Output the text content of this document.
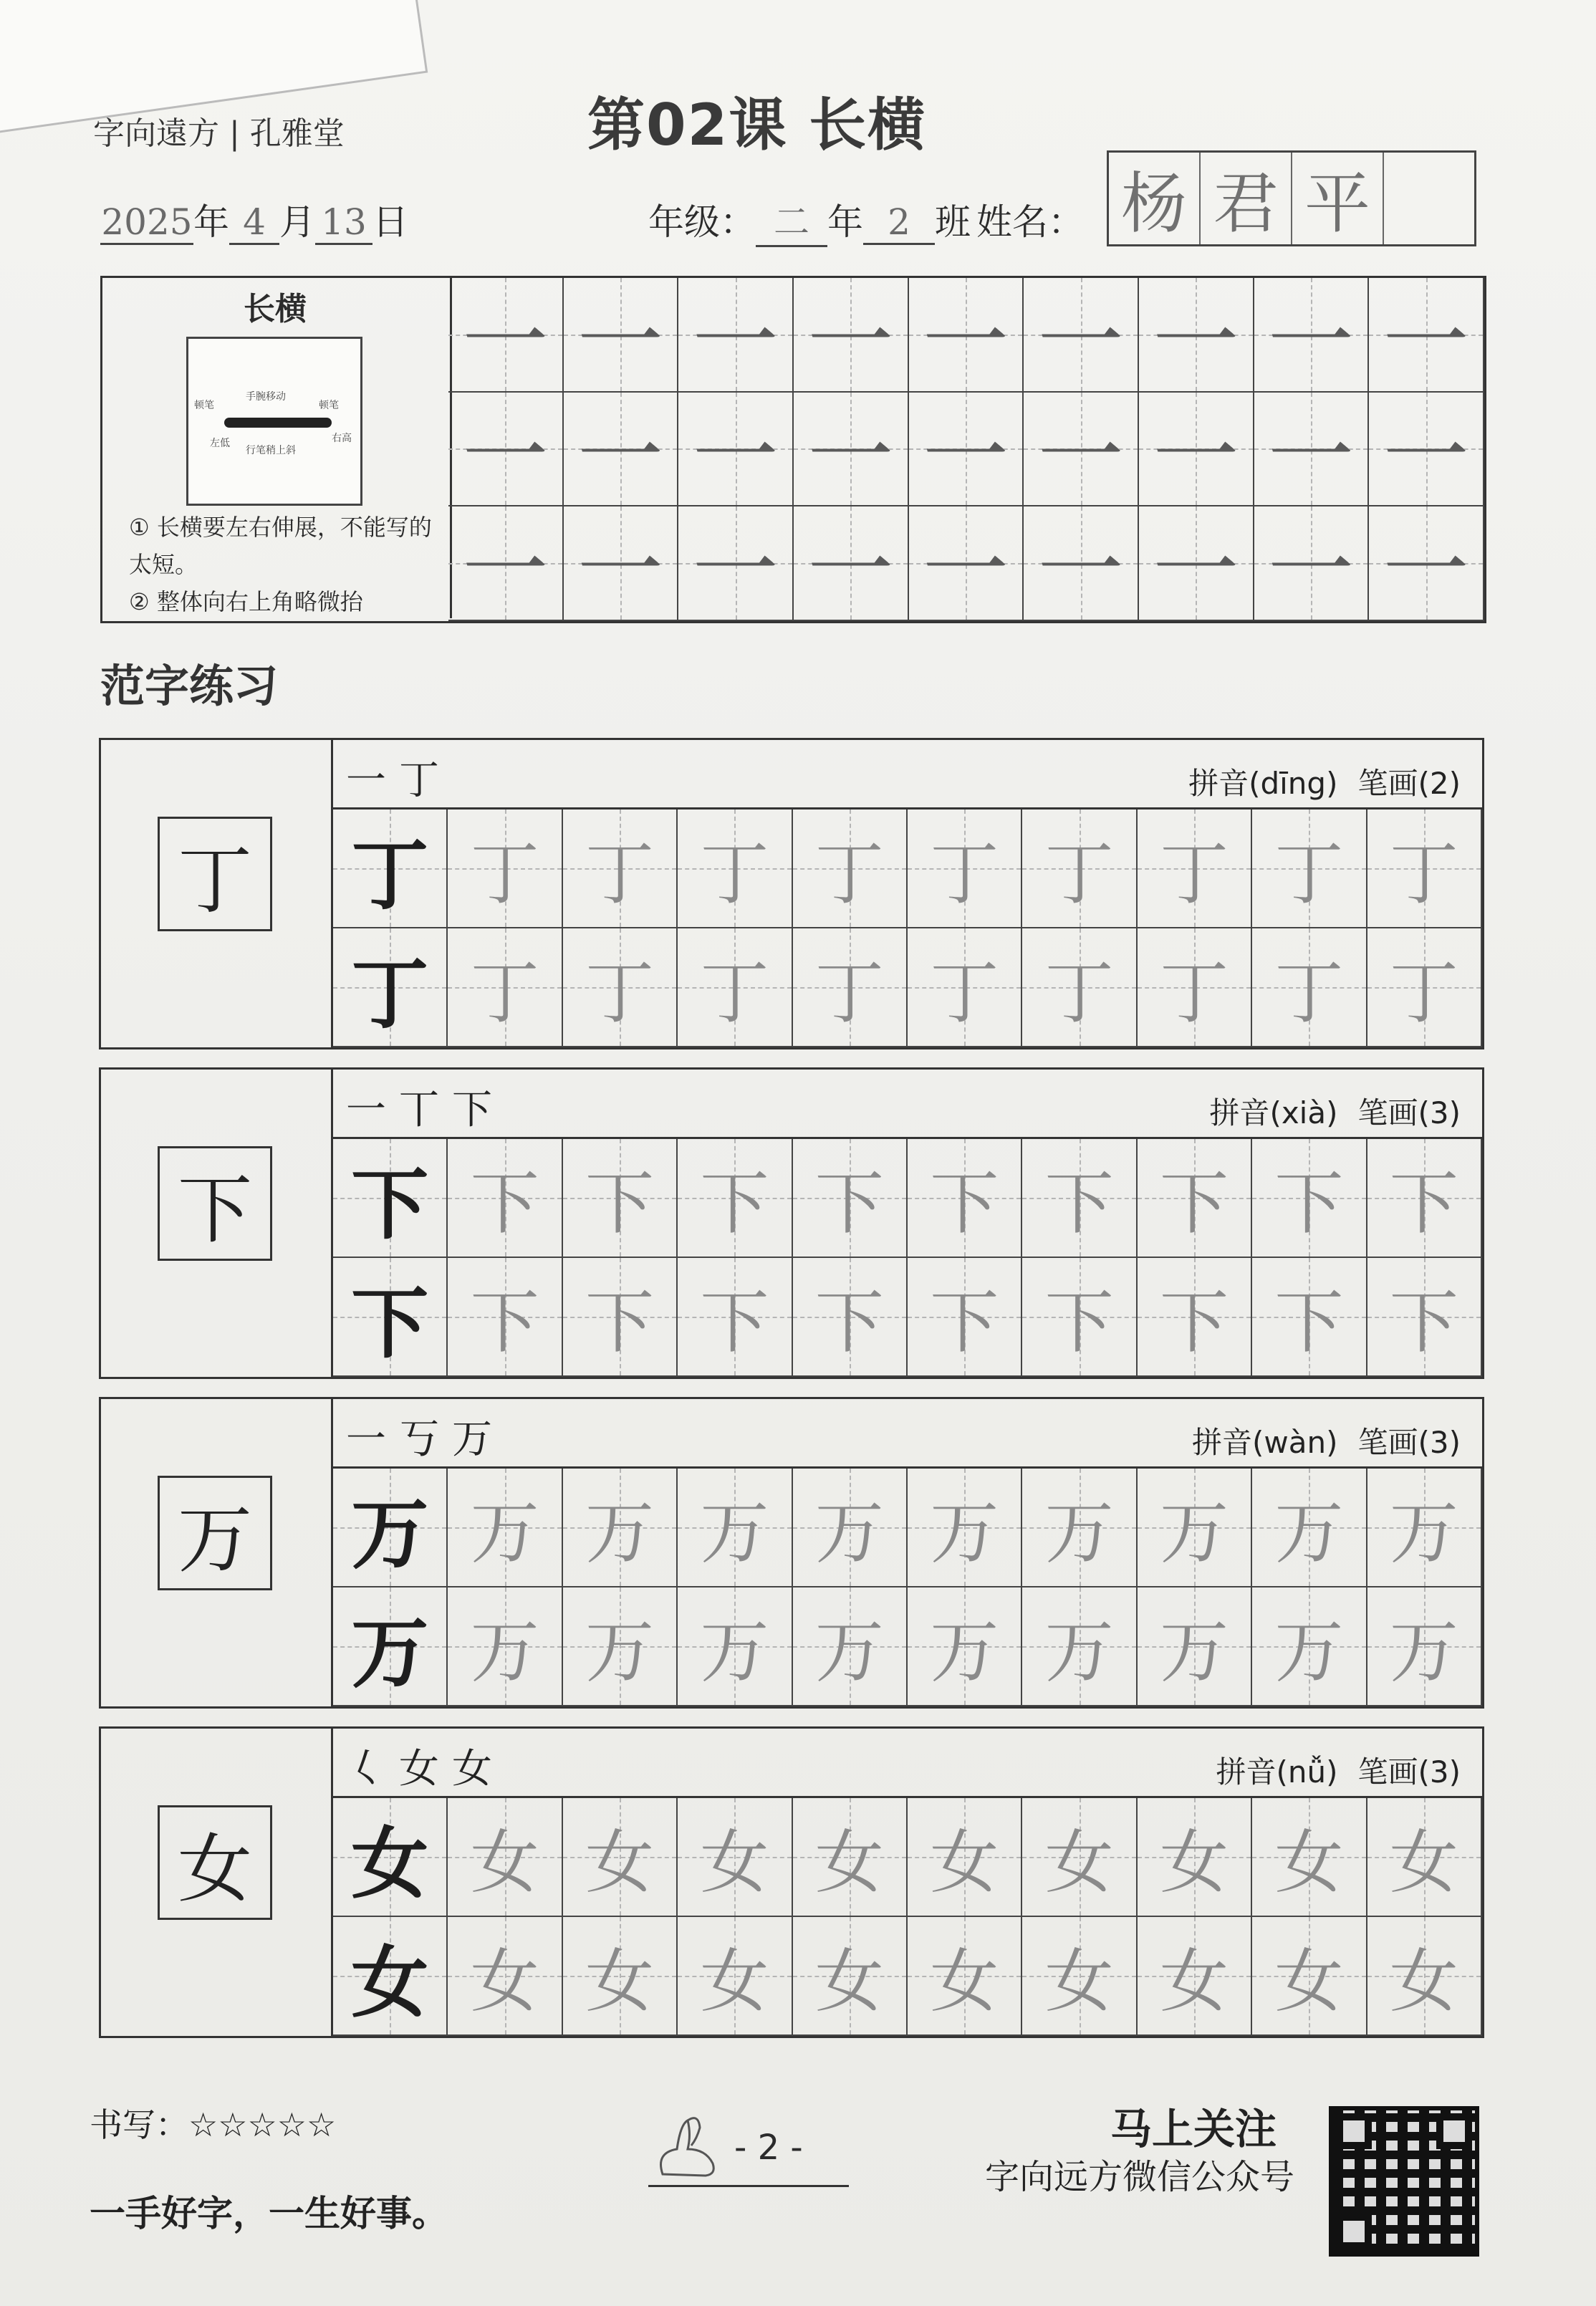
字向遠方 | 孔雅堂	第02课 长横
2025年 4 月 13 日	年级： 二 年 2 班 姓名： 杨 君 平
长横
顿笔
手腕移动
顿笔
左低
行笔稍上斜
右高
① 长横要左右伸展，不能写的太短。
② 整体向右上角略微抬
一 一 一 一 一 一 一 一 一
一 一 一 一 一 一 一 一 一
一 一 一 一 一 一 一 一 一
范字练习
丁
一丁	拼音(dīng) 笔画(2)
丁 丁 丁 丁 丁 丁 丁 丁 丁 丁
丁 丁 丁 丁 丁 丁 丁 丁 丁 丁
下
一丅下	拼音(xià) 笔画(3)
下 下 下 下 下 下 下 下 下 下
下 下 下 下 下 下 下 下 下 下
万
一丂万	拼音(wàn) 笔画(3)
万 万 万 万 万 万 万 万 万 万
万 万 万 万 万 万 万 万 万 万
女
𡿨女女	拼音(nǚ) 笔画(3)
女 女 女 女 女 女 女 女 女 女
女 女 女 女 女 女 女 女 女 女
书写：☆☆☆☆☆
一手好字，一生好事。
- 2 -	马上关注
字向远方微信公众号
